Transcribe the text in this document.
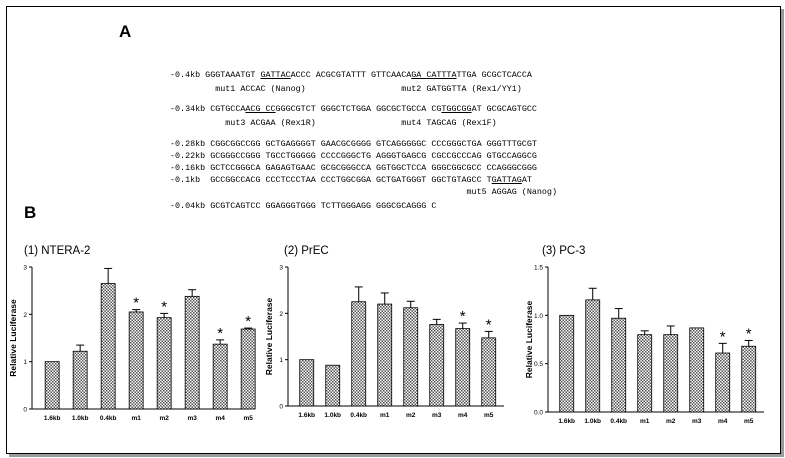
A
B
-0.4kb GGGTAAATGT GATTACACCC ACGCGTATTT GTTCAACAGA CATTTATTGA GCGCTCACCA
mut1 ACCAC (Nanog)                   mut2 GATGGTTA (Rex1/YY1)
-0.34kb CGTGCCAACG CCGGGCGTCT GGGCTCTGGA GGCGCTGCCA CGTGGCGGAT GCGCAGTGCC
mut3 ACGAA (Rex1R)                 mut4 TAGCAG (Rex1F)
-0.28kb CGGCGGCCGG GCTGAGGGGT GAACGCGGGG GTCAGGGGGC CCCGGGCTGA GGGTTTGCGT
-0.22kb GCGGGCCGGG TGCCTGGGGG CCCCGGGCTG AGGGTGAGCG CGCCGCCCAG GTGCCAGGCG
-0.16kb GCTCCGGGCA GAGAGTGAAC GCGCGGGCCA GGTGGCTCCA GGGCGGCGCC CCAGGGCGGG
-0.1kb  GCCGGCCACG CCCTCCCTAA CCCTGGCGGA GCTGATGGGT GGCTGTAGCC TGATTAGAT
mut5 AGGAG (Nanog)
-0.04kb GCGTCAGTCC GGAGGGTGGG TCTTGGGAGG GGGCGCAGGG C
0
1
2
3
Relative Luciferase
1.6kb 1.0kb 0.4kb
*
m1
*
m2	m3
*
m4
*
m5
(1) NTERA-2
0
1
2
3
Relative Luciferase
1.6kb 1.0kb 0.4kb m1	m2	m3
*
m4
*
m5
(2) PrEC
0.0
0.5
1.0
1.5
Relative Luciferase
1.6kb 1.0kb 0.4kb m1	m2	m3
*
m4
*
m5
(3) PC-3
